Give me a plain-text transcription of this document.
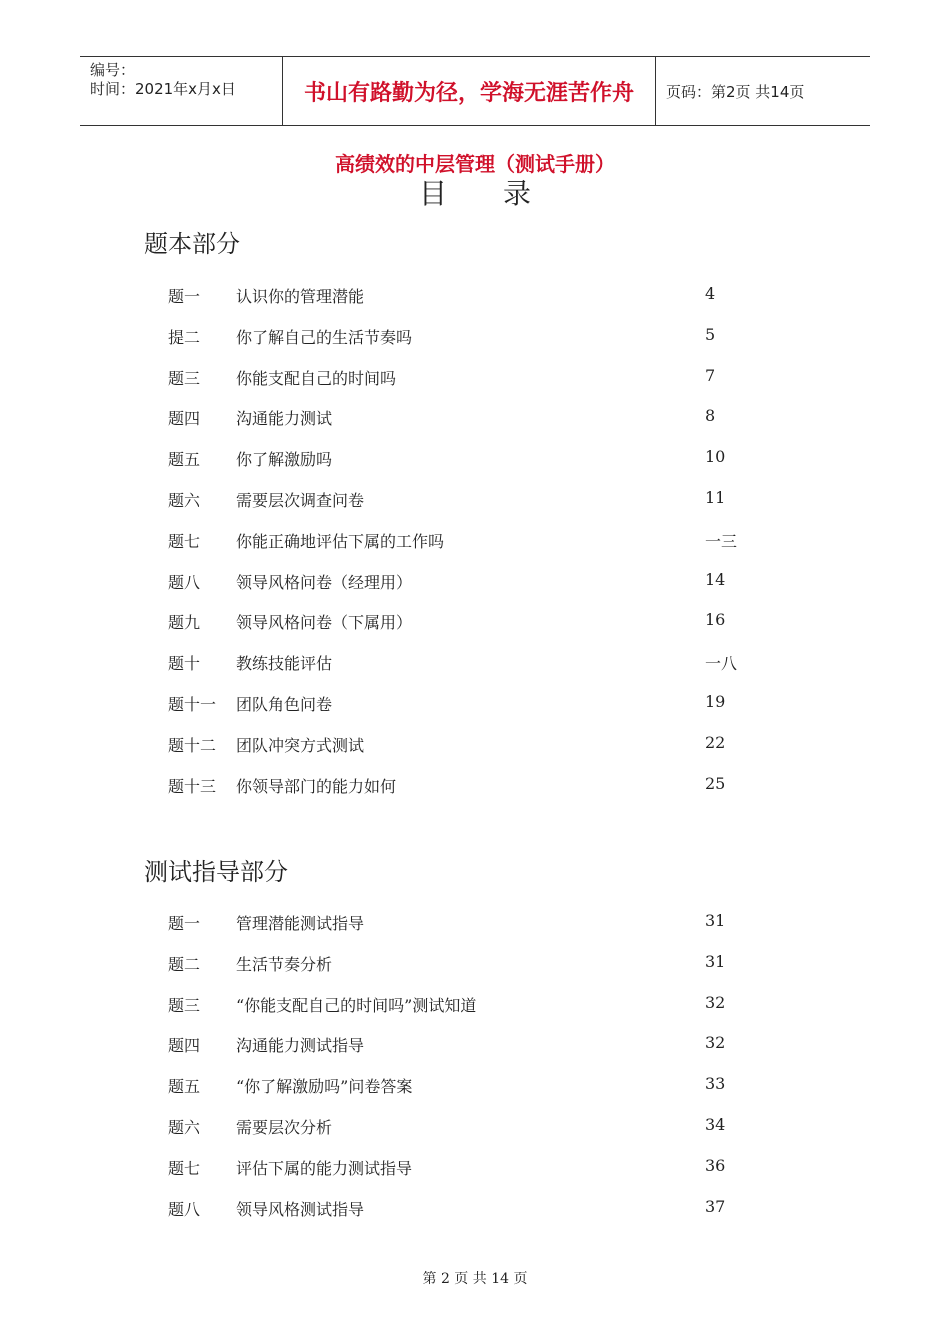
编号：
时间：2021年x月x日	书山有路勤为径，学海无涯苦作舟	页码：第2页 共14页
高绩效的中层管理（测试手册）
目录
题本部分
题一 认识你的管理潜能	4
提二 你了解自己的生活节奏吗	5
题三 你能支配自己的时间吗	7
题四 沟通能力测试	8
题五 你了解激励吗	10
题六 需要层次调查问卷	11
题七 你能正确地评估下属的工作吗	一三
题八 领导风格问卷（经理用）	14
题九 领导风格问卷（下属用）	16
题十 教练技能评估	一八
题十一 团队角色问卷	19
题十二 团队冲突方式测试	22
题十三 你领导部门的能力如何	25
测试指导部分
题一 管理潜能测试指导	31
题二 生活节奏分析	31
题三 “你能支配自己的时间吗”测试知道	32
题四 沟通能力测试指导	32
题五 “你了解激励吗”问卷答案	33
题六 需要层次分析	34
题七 评估下属的能力测试指导	36
题八 领导风格测试指导	37
第 2 页 共 14 页
